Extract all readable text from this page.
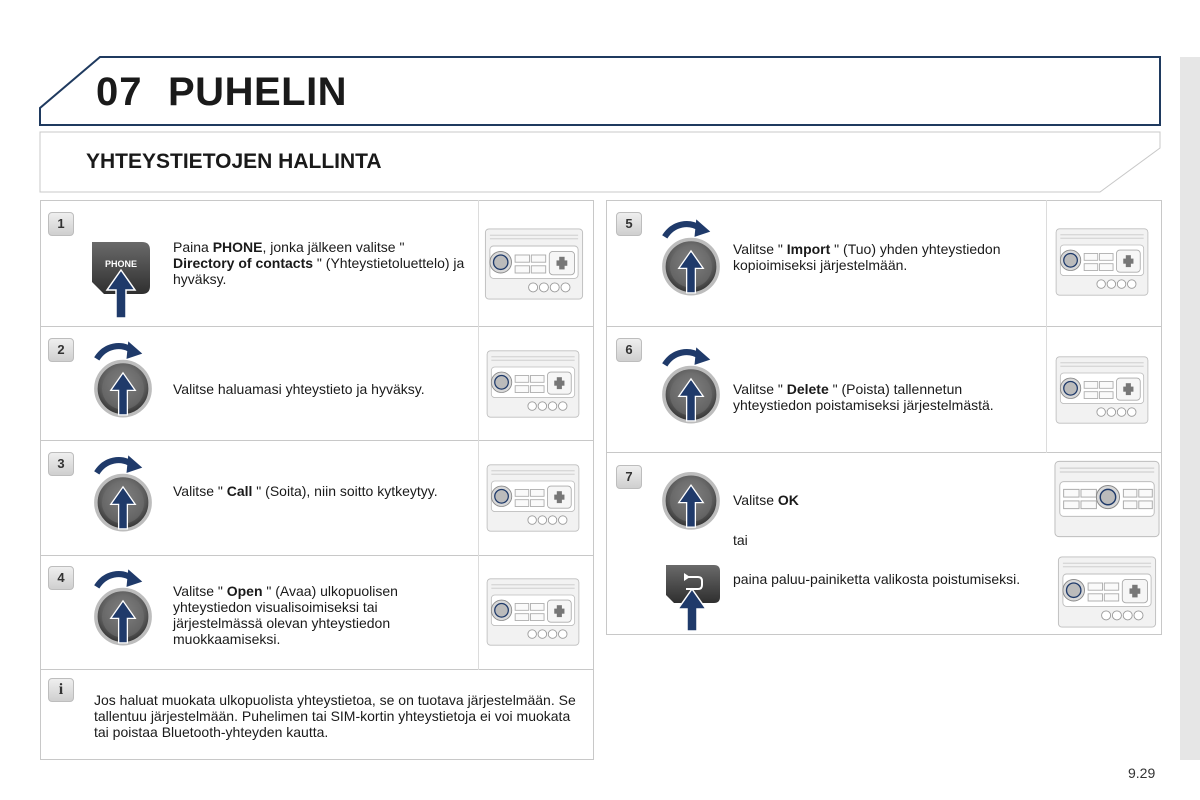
07 PUHELIN
YHTEYSTIETOJEN HALLINTA
1
2
3
4
5
6
7
i
PHONE
Paina PHONE, jonka jälkeen valitse " Directory of contacts " (Yhteystietoluettelo) ja hyväksy.
Valitse haluamasi yhteystieto ja hyväksy.
Valitse " Call " (Soita), niin soitto kytkeytyy.
Valitse " Open " (Avaa) ulkopuolisen yhteystiedon visualisoimiseksi tai järjestelmässä olevan yhteystiedon muokkaamiseksi.
Jos haluat muokata ulkopuolista yhteystietoa, se on tuotava järjestelmään. Se tallentuu järjestelmään. Puhelimen tai SIM-kortin yhteystietoja ei voi muokata tai poistaa Bluetooth-yhteyden kautta.
Valitse " Import " (Tuo) yhden yhteystiedon kopioimiseksi järjestelmään.
Valitse " Delete " (Poista) tallennetun yhteystiedon poistamiseksi järjestelmästä.
Valitse OK
tai
paina paluu-painiketta valikosta poistumiseksi.
9.29
